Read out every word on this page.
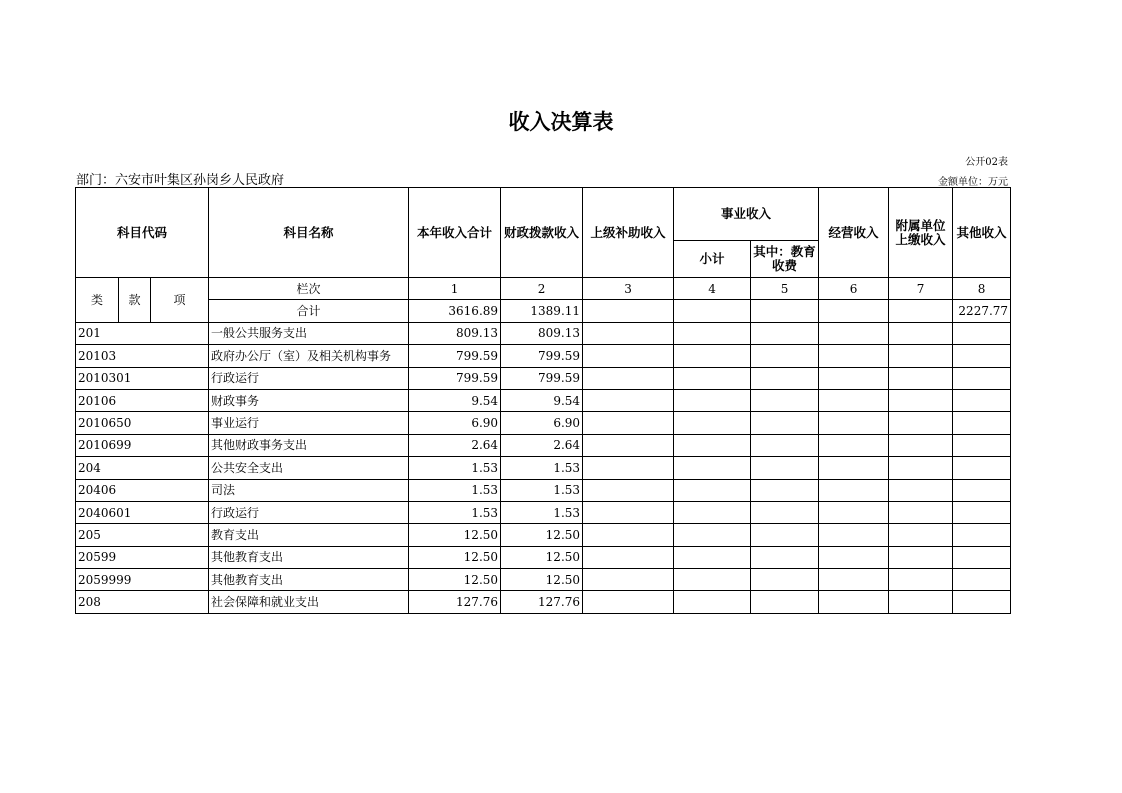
收入决算表
公开02表
部门：六安市叶集区孙岗乡人民政府	金额单位：万元
科目代码			科目名称	本年收入合计	财政拨款收入	上级补助收入	事业收入		经营收入	附属单位上缴收入	其他收入
							小计	其中：教育收费			
类	款	项	栏次	1	2	3	4	5	6	7	8
			合计	3616.89	1389.11						2227.77
201			一般公共服务支出	809.13	809.13						
20103			政府办公厅（室）及相关机构事务	799.59	799.59						
2010301			行政运行	799.59	799.59						
20106			财政事务	9.54	9.54						
2010650			事业运行	6.90	6.90						
2010699			其他财政事务支出	2.64	2.64						
204			公共安全支出	1.53	1.53						
20406			司法	1.53	1.53						
2040601			行政运行	1.53	1.53						
205			教育支出	12.50	12.50						
20599			其他教育支出	12.50	12.50						
2059999			其他教育支出	12.50	12.50						
208			社会保障和就业支出	127.76	127.76						
